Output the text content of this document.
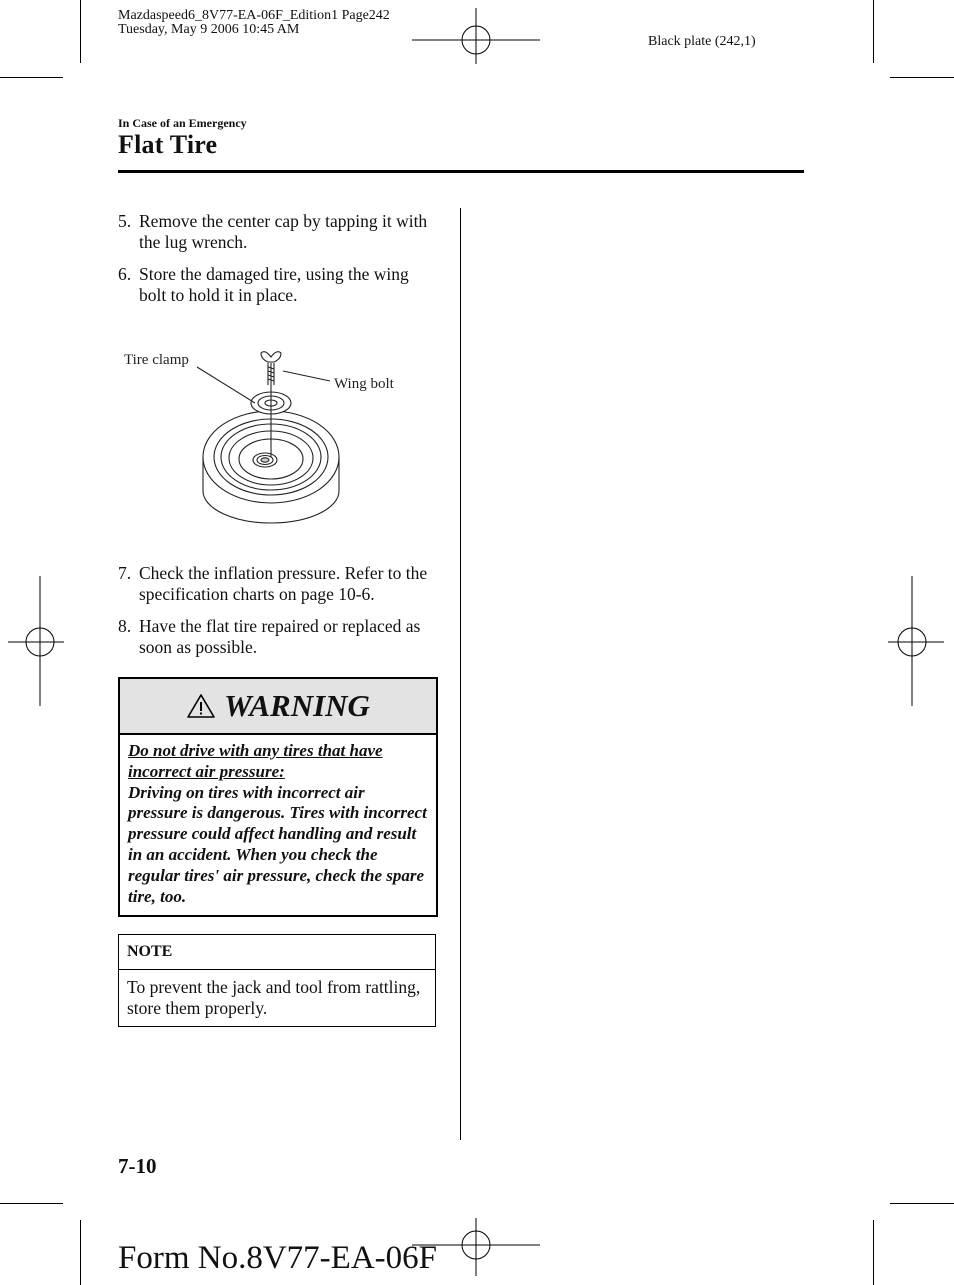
Mazdaspeed6_8V77-EA-06F_Edition1 Page242
Tuesday, May 9 2006 10:45 AM
Black plate (242,1)
In Case of an Emergency
Flat Tire
5. Remove the center cap by tapping it with the lug wrench.
6. Store the damaged tire, using the wing bolt to hold it in place.
Tire clamp
Wing bolt
7. Check the inflation pressure. Refer to the specification charts on page 10-6.
8. Have the flat tire repaired or replaced as soon as possible.
WARNING
Do not drive with any tires that have incorrect air pressure:
Driving on tires with incorrect air pressure is dangerous. Tires with incorrect pressure could affect handling and result in an accident. When you check the regular tires' air pressure, check the spare tire, too.
NOTE
To prevent the jack and tool from rattling, store them properly.
7-10
Form No.8V77-EA-06F
